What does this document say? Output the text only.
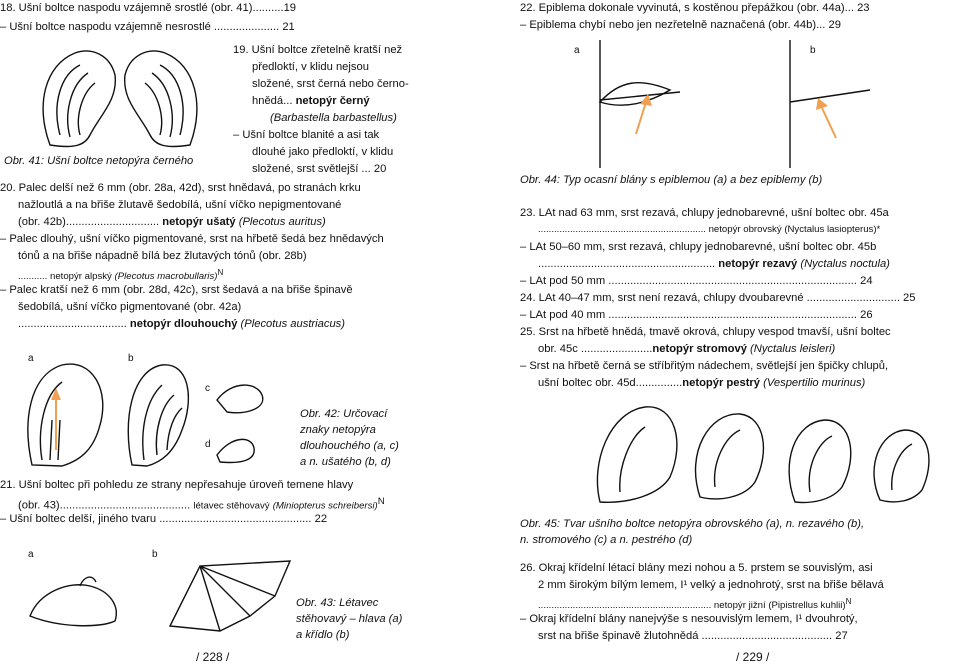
18. Ušní boltce naspodu vzájemně srostlé (obr. 41)..........19
– Ušní boltce naspodu vzájemně nesrostlé ..................... 21
19. Ušní boltce zřetelně kratší než
předloktí, v klidu nejsou
složené, srst černá nebo černo-
hnědá... netopýr černý
(Barbastella barbastellus)
– Ušní boltce blanité a asi tak
dlouhé jako předloktí, v klidu
složené, srst světlejší ... 20
Obr. 41: Ušní boltce netopýra černého
20. Palec delší než 6 mm (obr. 28a, 42d), srst hnědavá, po stranách krku
nažloutlá a na břiše žlutavě šedobílá, ušní víčko nepigmentované
(obr. 42b).............................. netopýr ušatý (Plecotus auritus)
– Palec dlouhý, ušní víčko pigmentované, srst na hřbetě šedá bez hnědavých
tónů a na břiše nápadně bílá bez žlutavých tónů (obr. 28b)
........... netopýr alpský (Plecotus macrobullaris)$^N$
– Palec kratší než 6 mm (obr. 28d, 42c), srst šedavá a na břiše špinavě
šedobílá, ušní víčko pigmentované (obr. 42a)
................................... netopýr dlouhouchý (Plecotus austriacus)
a	b
c
d
Obr. 42: Určovací
znaky netopýra
dlouhouchého (a, c)
a n. ušatého (b, d)
21. Ušní boltec při pohledu ze strany nepřesahuje úroveň temene hlavy
(obr. 43).......................................... létavec stěhovavý (Miniopterus schreibersi)$^N$
– Ušní boltec delší, jiného tvaru ................................................. 22
a	b
Obr. 43: Létavec
stěhovavý – hlava (a)
a křídlo (b)
/ 228 /
22. Epiblema dokonale vyvinutá, s kostěnou přepážkou (obr. 44a)... 23
– Epiblema chybí nebo jen nezřetelně naznačená (obr. 44b)... 29
a	b
Obr. 44: Typ ocasní blány s epiblemou (a) a bez epiblemy (b)
23. LAt nad 63 mm, srst rezavá, chlupy jednobarevné, ušní boltec obr. 45a
............................................................... netopýr obrovský (Nyctalus lasiopterus)*
– LAt 50–60 mm, srst rezavá, chlupy jednobarevné, ušní boltec obr. 45b
......................................................... netopýr rezavý (Nyctalus noctula)
– LAt pod 50 mm ................................................................................ 24
24. LAt 40–47 mm, srst není rezavá, chlupy dvoubarevné .............................. 25
– LAt pod 40 mm ................................................................................ 26
25. Srst na hřbetě hnědá, tmavě okrová, chlupy vespod tmavší, ušní boltec
obr. 45c .......................netopýr stromový (Nyctalus leisleri)
– Srst na hřbetě černá se stříbřitým nádechem, světlejší jen špičky chlupů,
ušní boltec obr. 45d...............netopýr pestrý (Vespertilio murinus)
Obr. 45: Tvar ušního boltce netopýra obrovského (a), n. rezavého (b),
n. stromového (c) a n. pestrého (d)
26. Okraj křídelní létací blány mezi nohou a 5. prstem se souvislým, asi
2 mm širokým bílým lemem, I¹ velký a jednohrotý, srst na břiše bělavá
................................................................. netopýr jižní (Pipistrellus kuhlii)$^N$
– Okraj křídelní blány nanejvýše s nesouvislým lemem, I¹ dvouhrotý,
srst na břiše špinavě žlutohnědá .......................................... 27
/ 229 /
